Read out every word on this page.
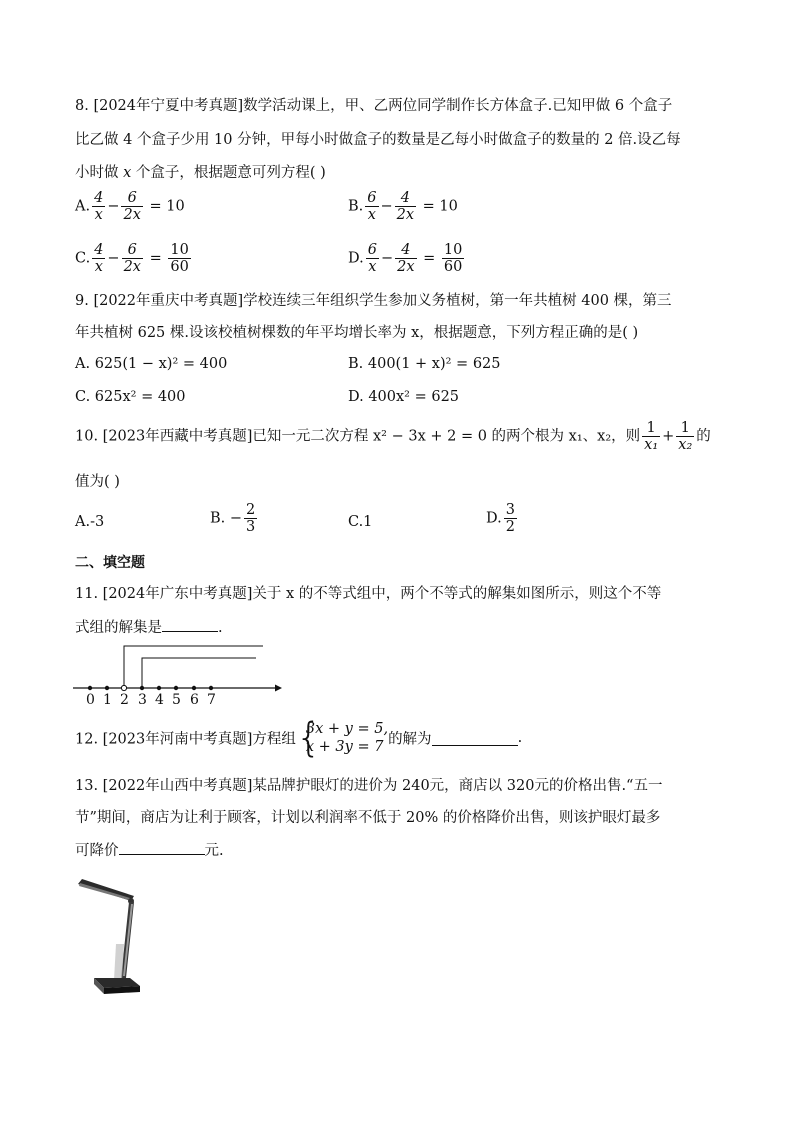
8. [2024年宁夏中考真题]数学活动课上，甲、乙两位同学制作长方体盒子.已知甲做 6 个盒子
比乙做 4 个盒子少用 10 分钟，甲每小时做盒子的数量是乙每小时做盒子的数量的 2 倍.设乙每
小时做 x 个盒子，根据题意可列方程( )
A. $\frac{4}{x} - \frac{6}{2x} = 10$	B. $\frac{6}{x} - \frac{4}{2x} = 10$
C. $\frac{4}{x} - \frac{6}{2x} = \frac{10}{60}$	D. $\frac{6}{x} - \frac{4}{2x} = \frac{10}{60}$
9. [2022年重庆中考真题]学校连续三年组织学生参加义务植树，第一年共植树 400 棵，第三
年共植树 625 棵.设该校植树棵数的年平均增长率为 x，根据题意，下列方程正确的是( )
A. 625(1 − x)² = 400	B. 400(1 + x)² = 625
C. 625x² = 400	D. 400x² = 625
10. [2023年西藏中考真题]已知一元二次方程 x² − 3x + 2 = 0 的两个根为 x₁、x₂，则 $\frac{1}{\text{x₁}} + \frac{1}{\text{x₂}}$ 的
值为( )
A.-3	B. − $\frac{2}{3}$	C.1	D. $\frac{3}{2}$
二、填空题
11. [2024年广东中考真题]关于 x 的不等式组中，两个不等式的解集如图所示，则这个不等
式组的解集是	.
0 1 2 3 4 5 6 7
12. [2023年河南中考真题]方程组 {
3x + y = 5,
x + 3y = 7 的解为	.
13. [2022年山西中考真题]某品牌护眼灯的进价为 240元，商店以 320元的价格出售.“五一
节”期间，商店为让利于顾客，计划以利润率不低于 20% 的价格降价出售，则该护眼灯最多
可降价	元.
